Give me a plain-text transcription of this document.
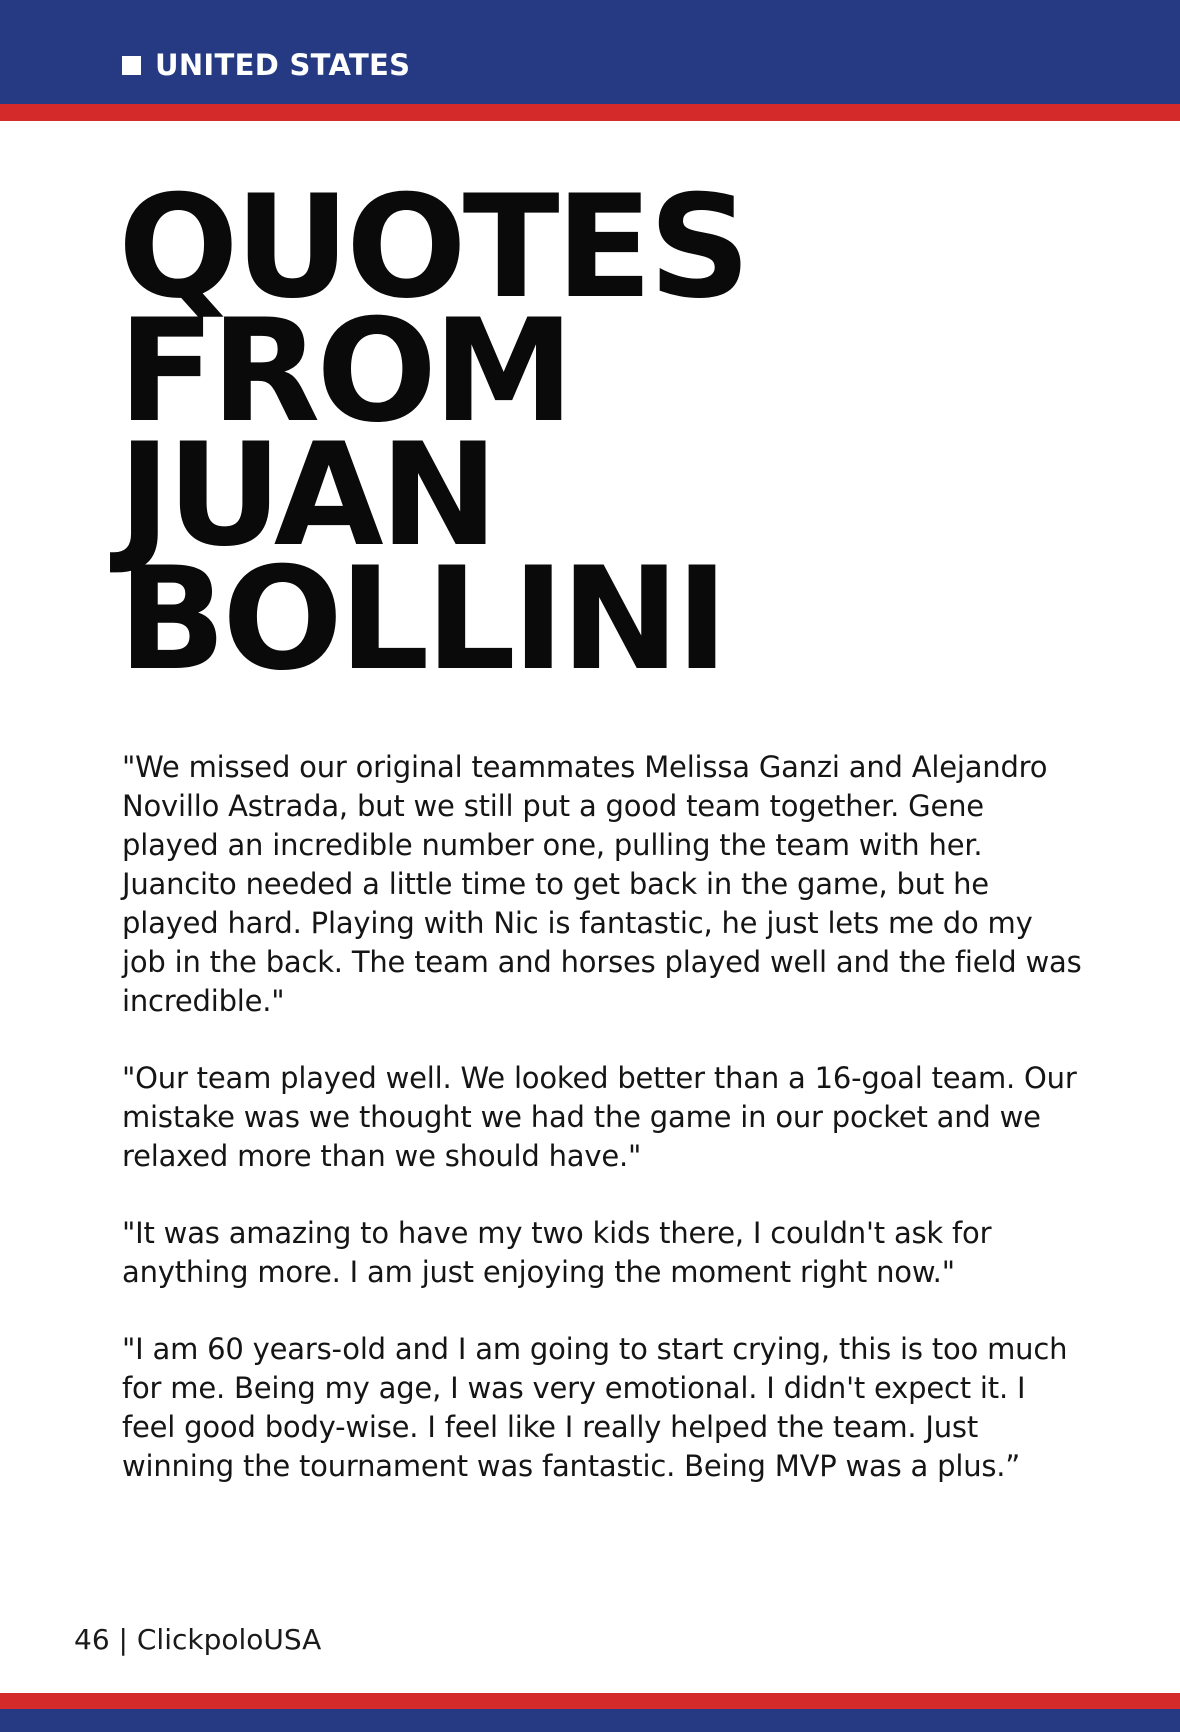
UNITED STATES
QUOTES
FROM
JUAN
BOLLINI

"We missed our original teammates Melissa Ganzi and Alejandro Novillo Astrada, but we still put a good team together. Gene played an incredible number one, pulling the team with her. Juancito needed a little time to get back in the game, but he played hard. Playing with Nic is fantastic, he just lets me do my job in the back. The team and horses played well and the field was incredible."

"Our team played well. We looked better than a 16-goal team. Our mistake was we thought we had the game in our pocket and we relaxed more than we should have."

"It was amazing to have my two kids there, I couldn't ask for anything more. I am just enjoying the moment right now."

"I am 60 years-old and I am going to start crying, this is too much for me. Being my age, I was very emotional. I didn't expect it. I feel good body-wise. I feel like I really helped the team. Just winning the tournament was fantastic. Being MVP was a plus.”

46 | ClickpoloUSA
